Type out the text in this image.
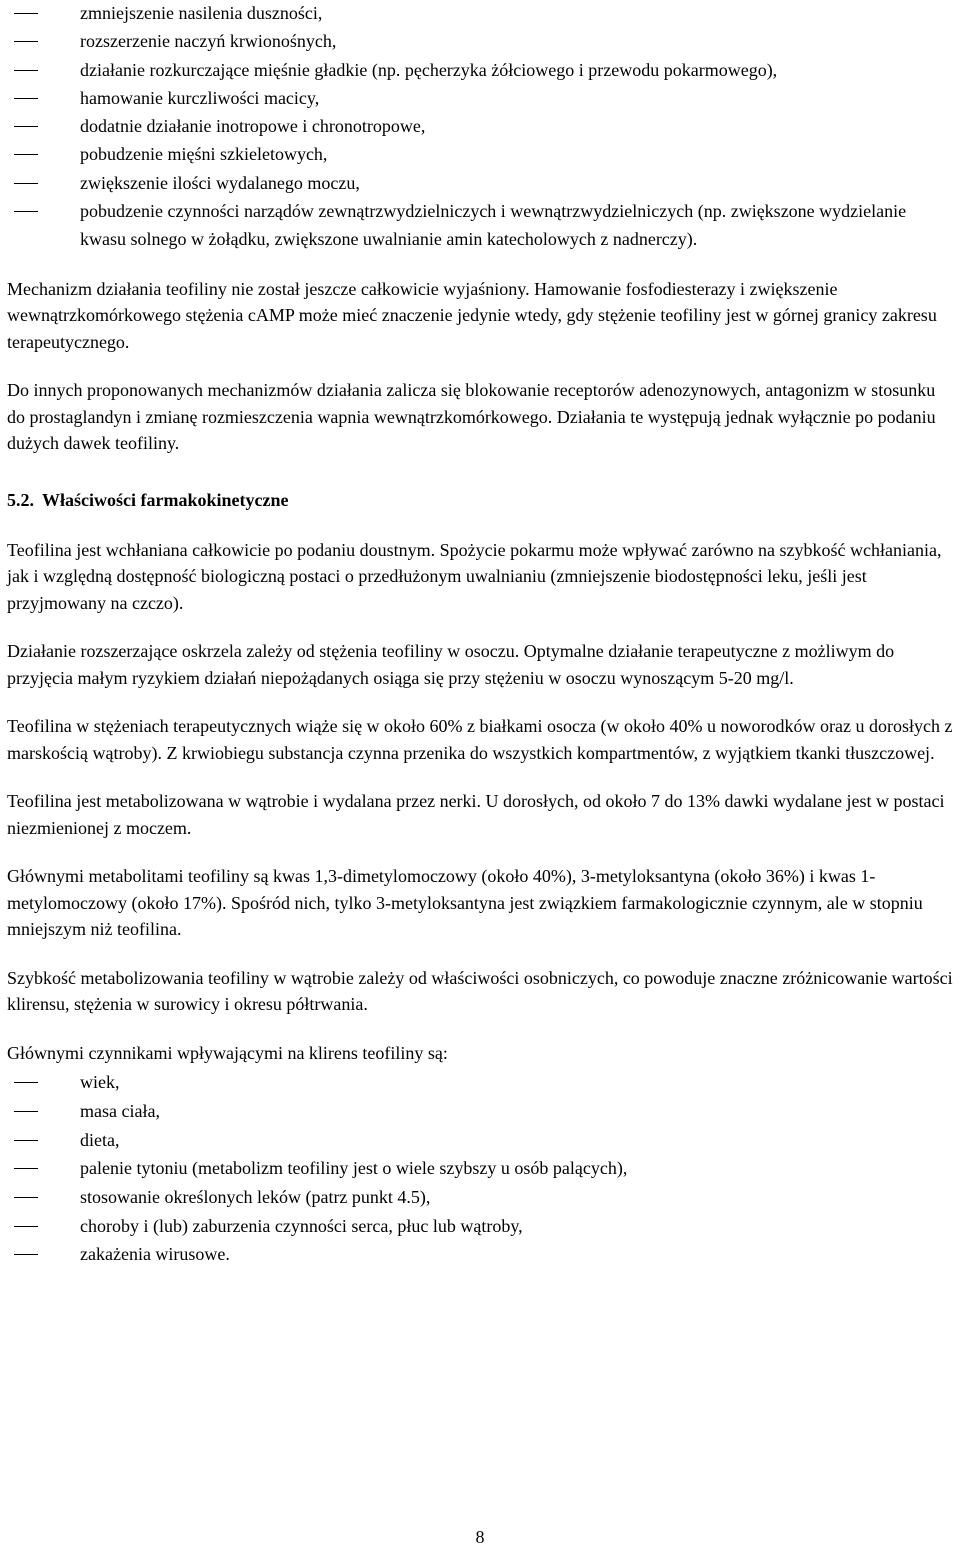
zmniejszenie nasilenia duszności,
rozszerzenie naczyń krwionośnych,
działanie rozkurczające mięśnie gładkie (np. pęcherzyka żółciowego i przewodu pokarmowego),
hamowanie kurczliwości macicy,
dodatnie działanie inotropowe i chronotropowe,
pobudzenie mięśni szkieletowych,
zwiększenie ilości wydalanego moczu,
pobudzenie czynności narządów zewnątrzwydzielniczych i wewnątrzwydzielniczych (np. zwiększone wydzielanie kwasu solnego w żołądku, zwiększone uwalnianie amin katecholowych z nadnerczy).

Mechanizm działania teofiliny nie został jeszcze całkowicie wyjaśniony. Hamowanie fosfodiesterazy i zwiększenie wewnątrzkomórkowego stężenia cAMP może mieć znaczenie jedynie wtedy, gdy stężenie teofiliny jest w górnej granicy zakresu terapeutycznego.

Do innych proponowanych mechanizmów działania zalicza się blokowanie receptorów adenozynowych, antagonizm w stosunku do prostaglandyn i zmianę rozmieszczenia wapnia wewnątrzkomórkowego. Działania te występują jednak wyłącznie po podaniu dużych dawek teofiliny.

5.2. Właściwości farmakokinetyczne

Teofilina jest wchłaniana całkowicie po podaniu doustnym. Spożycie pokarmu może wpływać zarówno na szybkość wchłaniania, jak i względną dostępność biologiczną postaci o przedłużonym uwalnianiu (zmniejszenie biodostępności leku, jeśli jest przyjmowany na czczo).

Działanie rozszerzające oskrzela zależy od stężenia teofiliny w osoczu. Optymalne działanie terapeutyczne z możliwym do przyjęcia małym ryzykiem działań niepożądanych osiąga się przy stężeniu w osoczu wynoszącym 5-20 mg/l.

Teofilina w stężeniach terapeutycznych wiąże się w około 60% z białkami osocza (w około 40% u noworodków oraz u dorosłych z marskością wątroby). Z krwiobiegu substancja czynna przenika do wszystkich kompartmentów, z wyjątkiem tkanki tłuszczowej.

Teofilina jest metabolizowana w wątrobie i wydalana przez nerki. U dorosłych, od około 7 do 13% dawki wydalane jest w postaci niezmienionej z moczem.

Głównymi metabolitami teofiliny są kwas 1,3-dimetylomoczowy (około 40%), 3-metyloksantyna (około 36%) i kwas 1-metylomoczowy (około 17%). Spośród nich, tylko 3-metyloksantyna jest związkiem farmakologicznie czynnym, ale w stopniu mniejszym niż teofilina.

Szybkość metabolizowania teofiliny w wątrobie zależy od właściwości osobniczych, co powoduje znaczne zróżnicowanie wartości klirensu, stężenia w surowicy i okresu półtrwania.

Głównymi czynnikami wpływającymi na klirens teofiliny są:

wiek,
masa ciała,
dieta,
palenie tytoniu (metabolizm teofiliny jest o wiele szybszy u osób palących),
stosowanie określonych leków (patrz punkt 4.5),
choroby i (lub) zaburzenia czynności serca, płuc lub wątroby,
zakażenia wirusowe.
8
